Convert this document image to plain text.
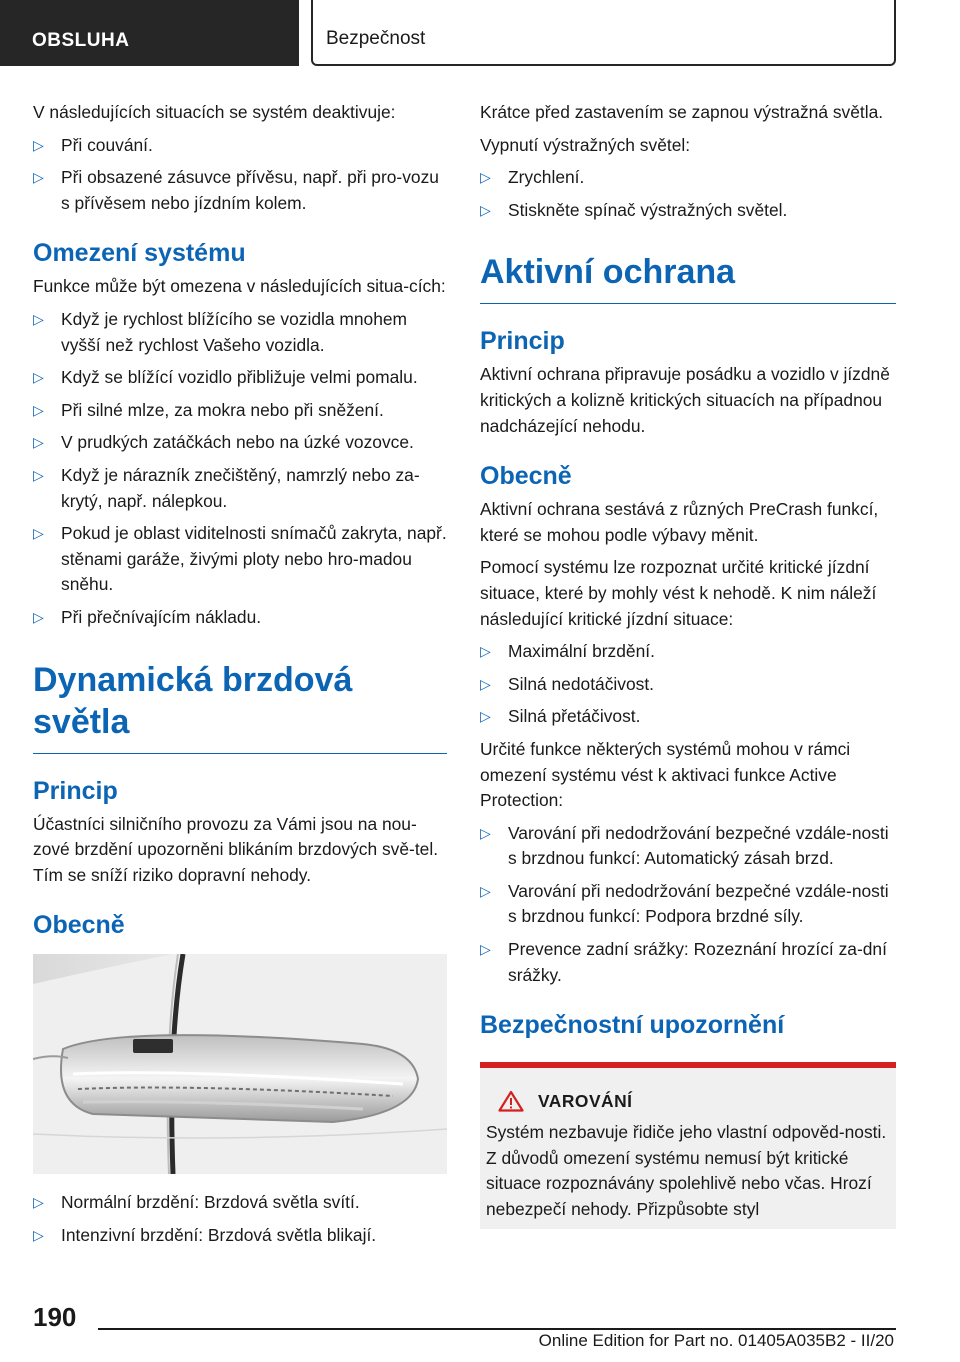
OBSLUHA	Bezpečnost

V následujících situacích se systém deaktivuje:

▷ Při couvání.
▷ Při obsazené zásuvce přívěsu, např. při pro-vozu s přívěsem nebo jízdním kolem.
Omezení systému

Funkce může být omezena v následujících situa-cích:

▷ Když je rychlost blížícího se vozidla mnohem vyšší než rychlost Vašeho vozidla.
▷ Když se blížící vozidlo přibližuje velmi pomalu.
▷ Při silné mlze, za mokra nebo při sněžení.
▷ V prudkých zatáčkách nebo na úzké vozovce.
▷ Když je nárazník znečištěný, namrzlý nebo za-krytý, např. nálepkou.
▷ Pokud je oblast viditelnosti snímačů zakryta, např. stěnami garáže, živými ploty nebo hro-madou sněhu.
▷ Při přečnívajícím nákladu.
Dynamická brzdová světla
Princip

Účastníci silničního provozu za Vámi jsou na nou-zové brzdění upozorněni blikáním brzdových svě-tel. Tím se sníží riziko dopravní nehody.

Obecně
▷ Normální brzdění: Brzdová světla svítí.
▷ Intenzivní brzdění: Brzdová světla blikají.

Krátce před zastavením se zapnou výstražná světla.

Vypnutí výstražných světel:

▷ Zrychlení.
▷ Stiskněte spínač výstražných světel.
Aktivní ochrana
Princip

Aktivní ochrana připravuje posádku a vozidlo v jízdně kritických a kolizně kritických situacích na případnou nadcházející nehodu.

Obecně

Aktivní ochrana sestává z různých PreCrash funkcí, které se mohou podle výbavy měnit.

Pomocí systému lze rozpoznat určité kritické jízdní situace, které by mohly vést k nehodě. K nim náleží následující kritické jízdní situace:

▷ Maximální brzdění.
▷ Silná nedotáčivost.
▷ Silná přetáčivost.

Určité funkce některých systémů mohou v rámci omezení systému vést k aktivaci funkce Active Protection:

▷ Varování při nedodržování bezpečné vzdále-nosti s brzdnou funkcí: Automatický zásah brzd.
▷ Varování při nedodržování bezpečné vzdále-nosti s brzdnou funkcí: Podpora brzdné síly.
▷ Prevence zadní srážky: Rozeznání hrozící za-dní srážky.
Bezpečnostní upozornění
VAROVÁNÍ

Systém nezbavuje řidiče jeho vlastní odpověd-nosti. Z důvodů omezení systému nemusí být kritické situace rozpoznávány spolehlivě nebo včas. Hrozí nebezpečí nehody. Přizpůsobte styl

190
Online Edition for Part no. 01405A035B2 - II/20
